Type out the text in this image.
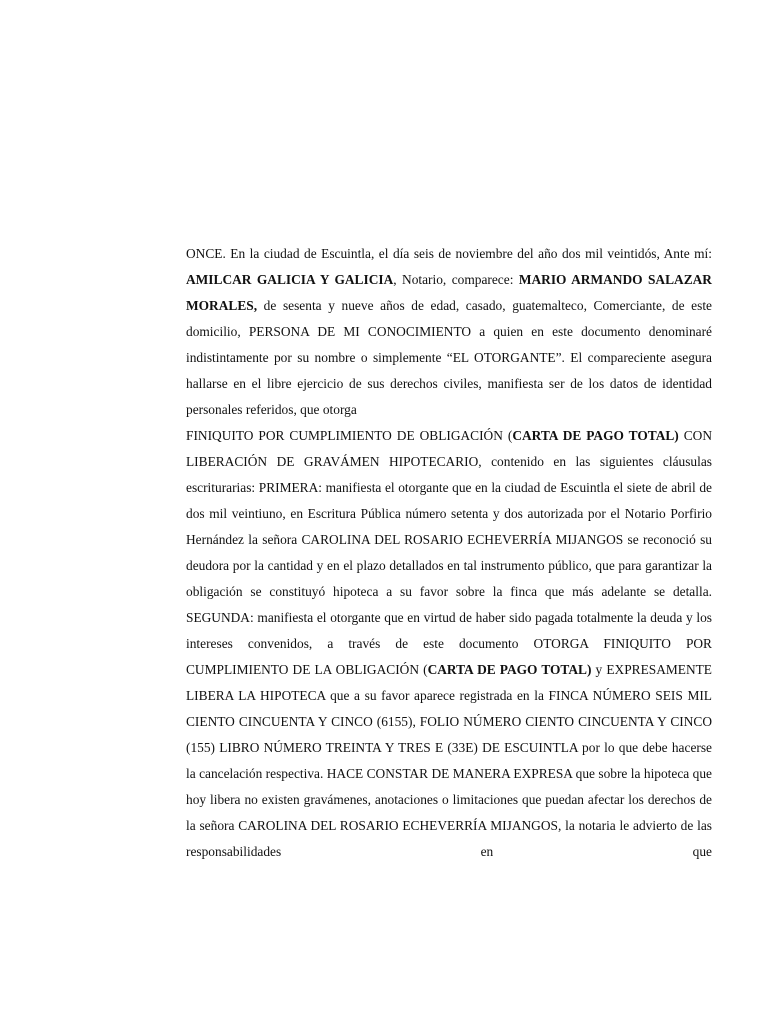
ONCE. En la ciudad de Escuintla, el día seis de noviembre del año dos mil veintidós, Ante mí: AMILCAR GALICIA Y GALICIA, Notario, comparece: MARIO ARMANDO SALAZAR MORALES, de sesenta y nueve años de edad, casado, guatemalteco, Comerciante, de este domicilio, PERSONA DE MI CONOCIMIENTO a quien en este documento denominaré indistintamente por su nombre o simplemente “EL OTORGANTE”. El compareciente asegura hallarse en el libre ejercicio de sus derechos civiles, manifiesta ser de los datos de identidad personales referidos, que otorga

FINIQUITO POR CUMPLIMIENTO DE OBLIGACIÓN (CARTA DE PAGO TOTAL) CON LIBERACIÓN DE GRAVÁMEN HIPOTECARIO, contenido en las siguientes cláusulas escriturarias: PRIMERA: manifiesta el otorgante que en la ciudad de Escuintla el siete de abril de dos mil veintiuno, en Escritura Pública número setenta y dos autorizada por el Notario Porfirio Hernández la señora CAROLINA DEL ROSARIO ECHEVERRÍA MIJANGOS se reconoció su deudora por la cantidad y en el plazo detallados en tal instrumento público, que para garantizar la obligación se constituyó hipoteca a su favor sobre la finca que más adelante se detalla. SEGUNDA: manifiesta el otorgante que en virtud de haber sido pagada totalmente la deuda y los intereses convenidos, a través de este documento OTORGA FINIQUITO POR CUMPLIMIENTO DE LA OBLIGACIÓN (CARTA DE PAGO TOTAL) y EXPRESAMENTE LIBERA LA HIPOTECA que a su favor aparece registrada en la FINCA NÚMERO SEIS MIL CIENTO CINCUENTA Y CINCO (6155), FOLIO NÚMERO CIENTO CINCUENTA Y CINCO (155) LIBRO NÚMERO TREINTA Y TRES E (33E) DE ESCUINTLA por lo que debe hacerse la cancelación respectiva. HACE CONSTAR DE MANERA EXPRESA que sobre la hipoteca que hoy libera no existen gravámenes, anotaciones o limitaciones que puedan afectar los derechos de la señora CAROLINA DEL ROSARIO ECHEVERRÍA MIJANGOS, la notaria le advierto de las responsabilidades en que
